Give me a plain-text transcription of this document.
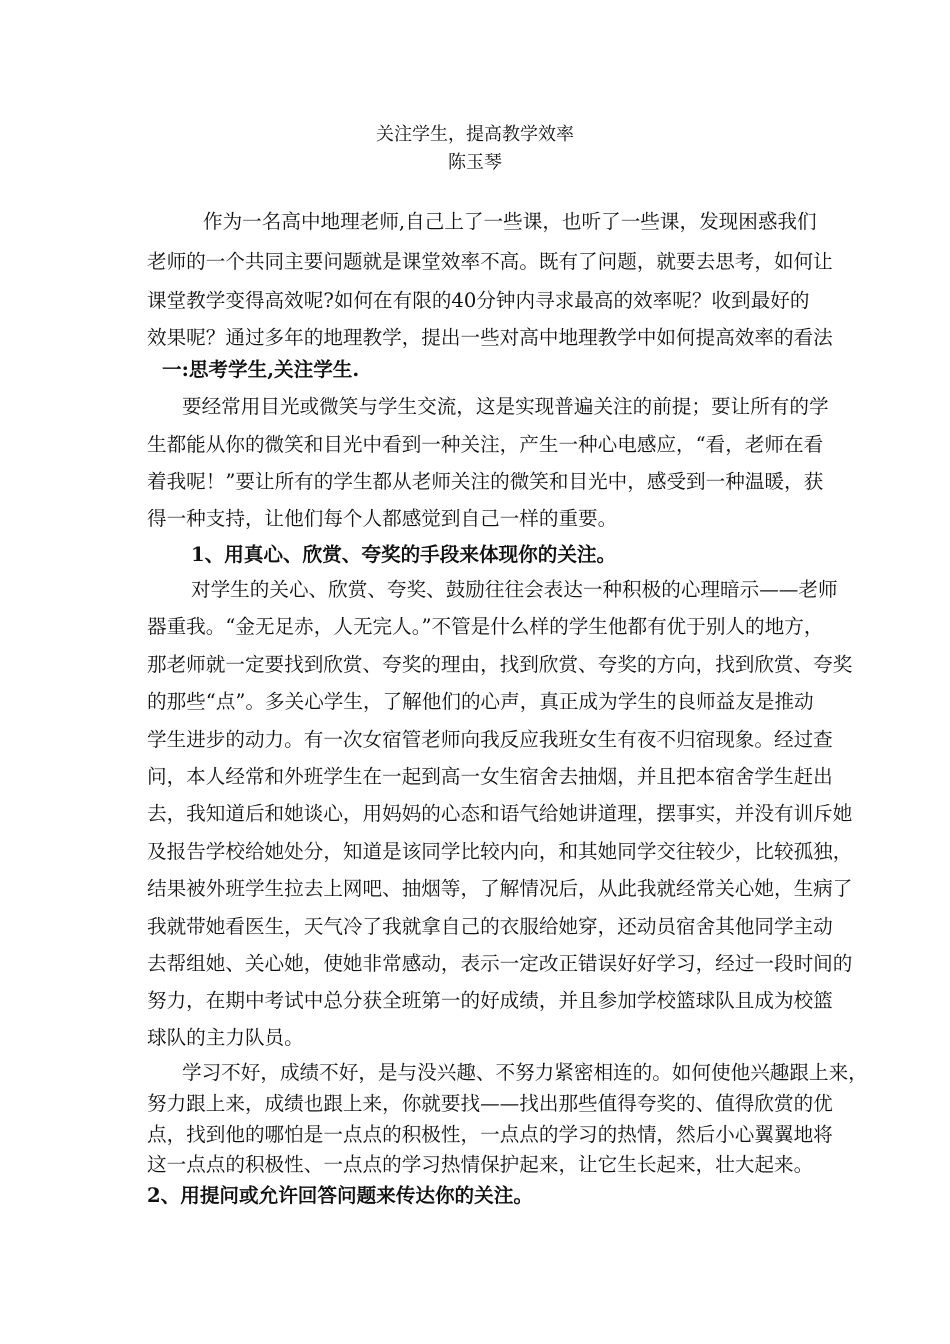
关注学生，提高教学效率
陈玉琴
作为一名高中地理老师,自己上了一些课，也听了一些课，发现困惑我们
老师的一个共同主要问题就是课堂效率不高。既有了问题，就要去思考，如何让
课堂教学变得高效呢?如何在有限的40分钟内寻求最高的效率呢？收到最好的
效果呢？通过多年的地理教学，提出一些对高中地理教学中如何提高效率的看法
一:思考学生,关注学生.
要经常用目光或微笑与学生交流，这是实现普遍关注的前提；要让所有的学
生都能从你的微笑和目光中看到一种关注，产生一种心电感应，“看，老师在看
着我呢！”要让所有的学生都从老师关注的微笑和目光中，感受到一种温暖，获
得一种支持，让他们每个人都感觉到自己一样的重要。
1、用真心、欣赏、夸奖的手段来体现你的关注。
对学生的关心、欣赏、夸奖、鼓励往往会表达一种积极的心理暗示——老师
器重我。“金无足赤，人无完人。”不管是什么样的学生他都有优于别人的地方，
那老师就一定要找到欣赏、夸奖的理由，找到欣赏、夸奖的方向，找到欣赏、夸奖
的那些“点”。多关心学生，了解他们的心声，真正成为学生的良师益友是推动
学生进步的动力。有一次女宿管老师向我反应我班女生有夜不归宿现象。经过查
问，本人经常和外班学生在一起到高一女生宿舍去抽烟，并且把本宿舍学生赶出
去，我知道后和她谈心，用妈妈的心态和语气给她讲道理，摆事实，并没有训斥她
及报告学校给她处分，知道是该同学比较内向，和其她同学交往较少，比较孤独，
结果被外班学生拉去上网吧、抽烟等，了解情况后，从此我就经常关心她，生病了
我就带她看医生，天气冷了我就拿自己的衣服给她穿，还动员宿舍其他同学主动
去帮组她、关心她，使她非常感动，表示一定改正错误好好学习，经过一段时间的
努力，在期中考试中总分获全班第一的好成绩，并且参加学校篮球队且成为校篮
球队的主力队员。
学习不好，成绩不好，是与没兴趣、不努力紧密相连的。如何使他兴趣跟上来，
努力跟上来，成绩也跟上来，你就要找——找出那些值得夸奖的、值得欣赏的优
点，找到他的哪怕是一点点的积极性，一点点的学习的热情，然后小心翼翼地将
这一点点的积极性、一点点的学习热情保护起来，让它生长起来，壮大起来。
2、用提问或允许回答问题来传达你的关注。
